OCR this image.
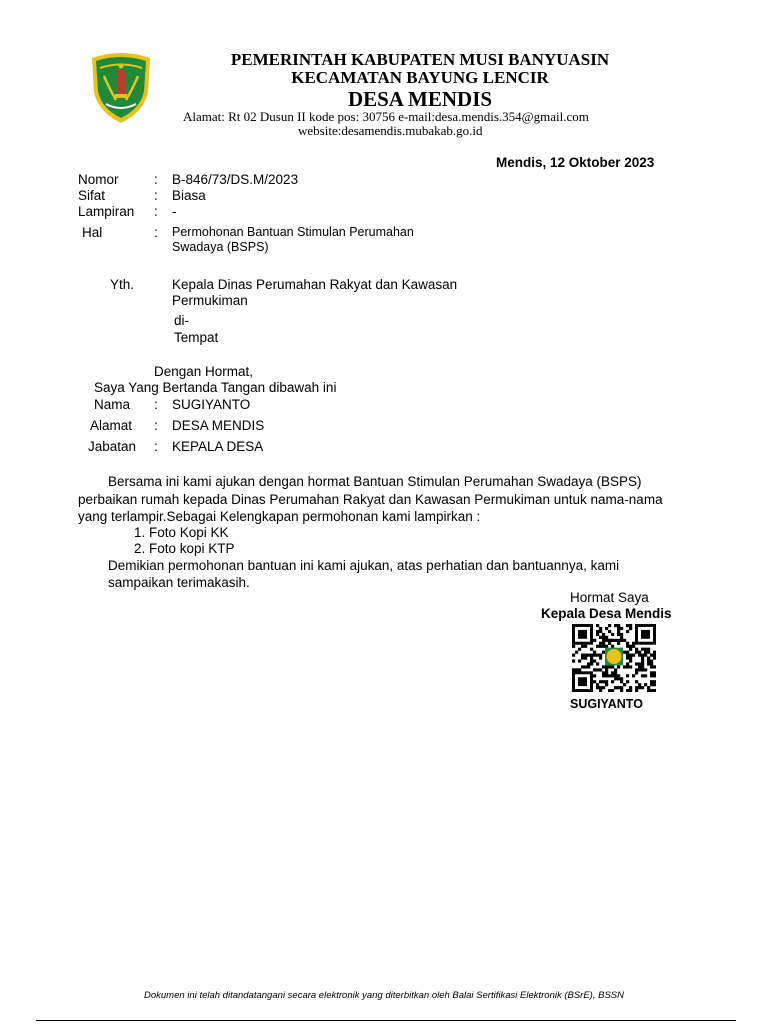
PEMERINTAH KABUPATEN MUSI BANYUASIN
KECAMATAN BAYUNG LENCIR
DESA MENDIS
Alamat: Rt 02 Dusun II kode pos: 30756 e-mail:desa.mendis.354@gmail.com
website:desamendis.mubakab.go.id
Mendis, 12 Oktober 2023
Nomor	: B-846/73/DS.M/2023
Sifat	: Biasa
Lampiran : -
Hal	: Permohonan Bantuan Stimulan Perumahan
Swadaya (BSPS)
Yth.	Kepala Dinas Perumahan Rakyat dan Kawasan
Permukiman
di-
Tempat
Dengan Hormat,
Saya Yang Bertanda Tangan dibawah ini
Nama : SUGIYANTO
Alamat : DESA MENDIS
Jabatan : KEPALA DESA
Bersama ini kami ajukan dengan hormat Bantuan Stimulan Perumahan Swadaya (BSPS)
perbaikan rumah kepada Dinas Perumahan Rakyat dan Kawasan Permukiman untuk nama-nama
yang terlampir.Sebagai Kelengkapan permohonan kami lampirkan :
1. Foto Kopi KK
2. Foto kopi KTP
Demikian permohonan bantuan ini kami ajukan, atas perhatian dan bantuannya, kami
sampaikan terimakasih.
Hormat Saya
Kepala Desa Mendis
SUGIYANTO
Dokumen ini telah ditandatangani secara elektronik yang diterbitkan oleh Balai Sertifikasi Elektronik (BSrE), BSSN
